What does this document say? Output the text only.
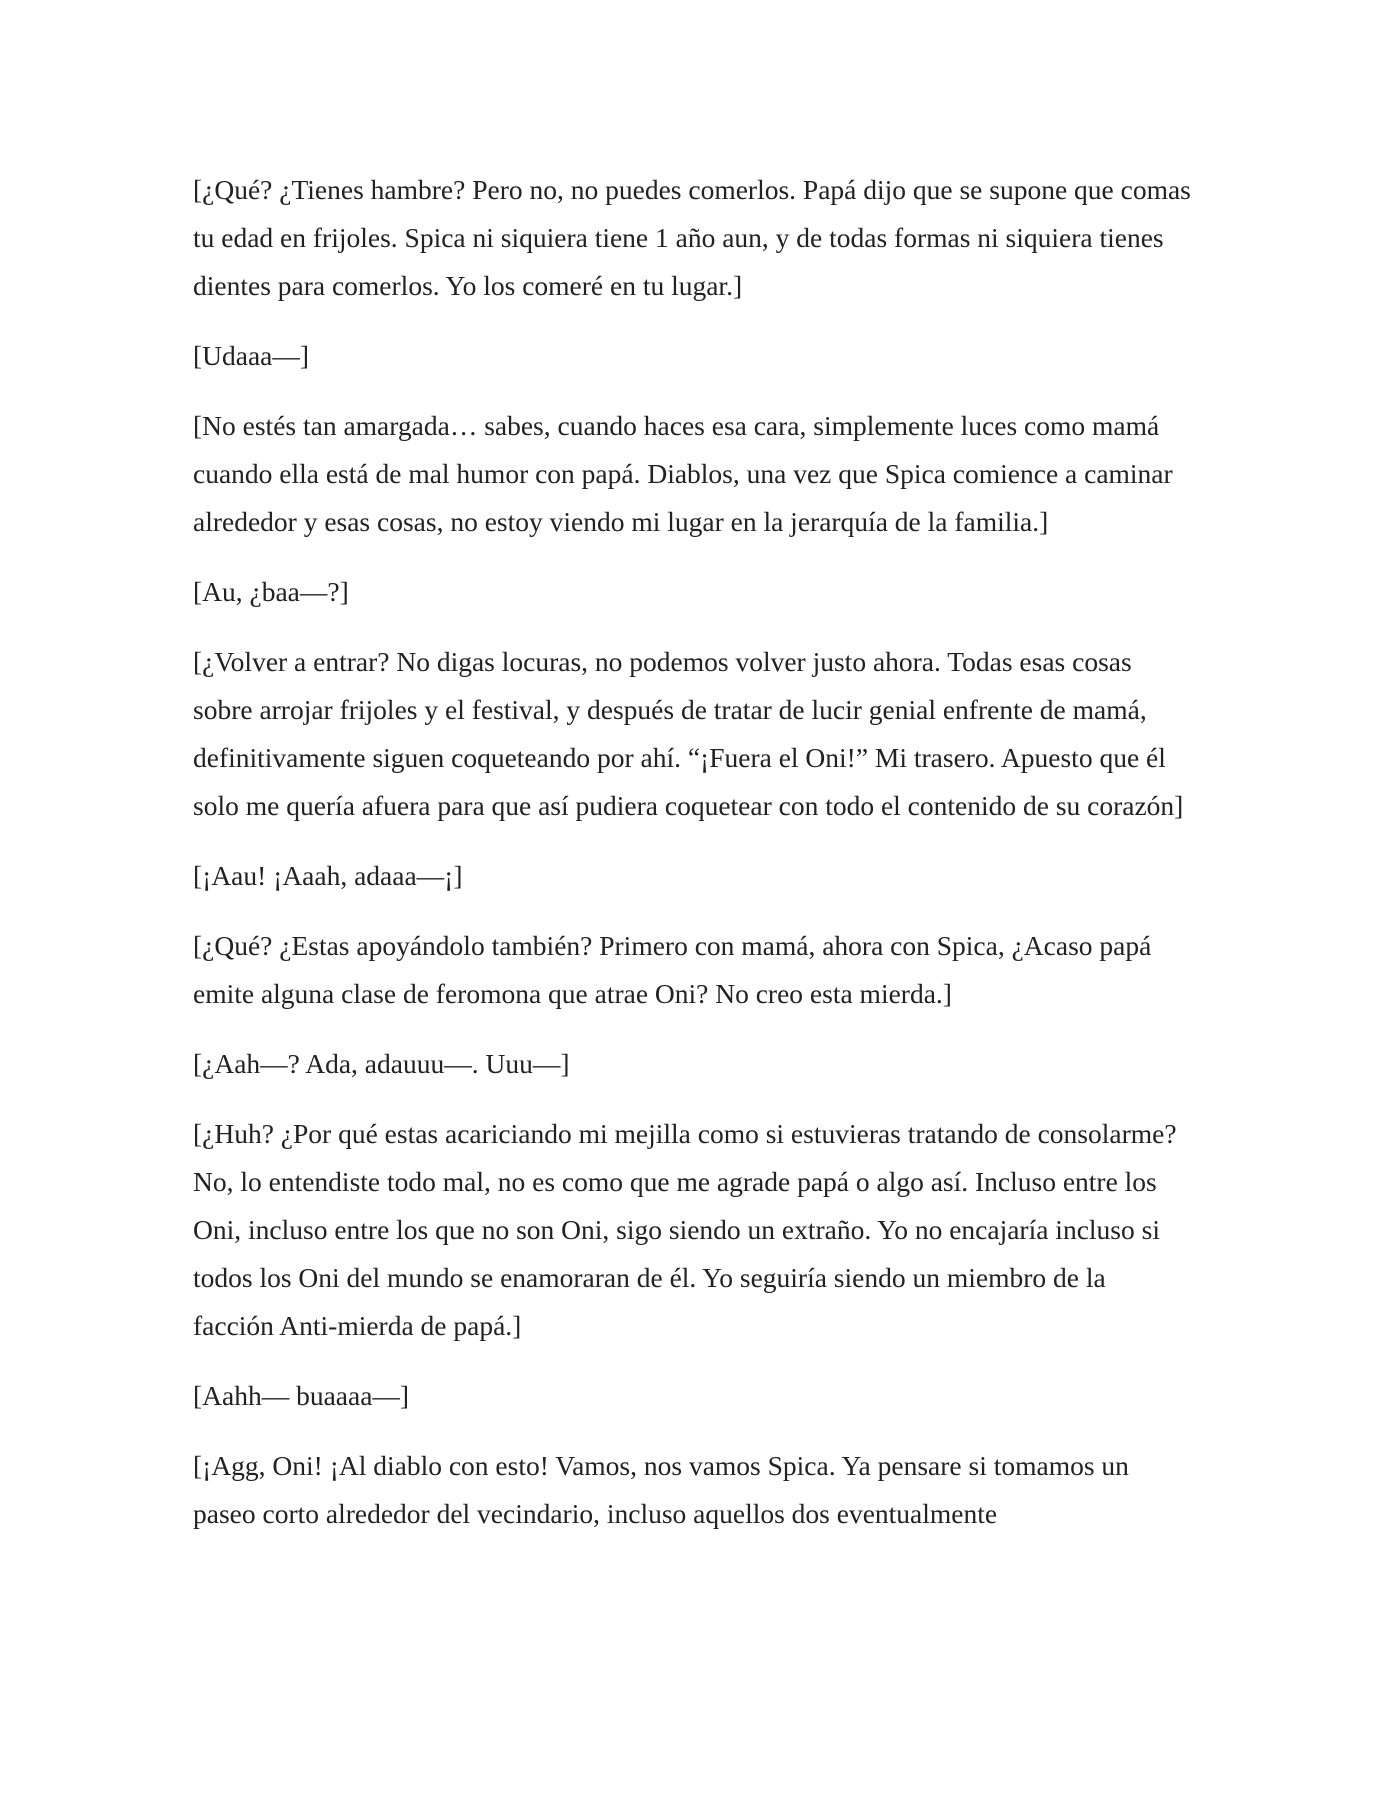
[¿Qué? ¿Tienes hambre? Pero no, no puedes comerlos. Papá dijo que se supone que comas tu edad en frijoles. Spica ni siquiera tiene 1 año aun, y de todas formas ni siquiera tienes dientes para comerlos. Yo los comeré en tu lugar.]

[Udaaa—]

[No estés tan amargada… sabes, cuando haces esa cara, simplemente luces como mamá cuando ella está de mal humor con papá. Diablos, una vez que Spica comience a caminar alrededor y esas cosas, no estoy viendo mi lugar en la jerarquía de la familia.]

[Au, ¿baa—?]

[¿Volver a entrar? No digas locuras, no podemos volver justo ahora. Todas esas cosas sobre arrojar frijoles y el festival, y después de tratar de lucir genial enfrente de mamá, definitivamente siguen coqueteando por ahí. “¡Fuera el Oni!” Mi trasero. Apuesto que él solo me quería afuera para que así pudiera coquetear con todo el contenido de su corazón]

[¡Aau! ¡Aaah, adaaa—¡]

[¿Qué? ¿Estas apoyándolo también? Primero con mamá, ahora con Spica, ¿Acaso papá emite alguna clase de feromona que atrae Oni? No creo esta mierda.]

[¿Aah—? Ada, adauuu—. Uuu—]

[¿Huh? ¿Por qué estas acariciando mi mejilla como si estuvieras tratando de consolarme? No, lo entendiste todo mal, no es como que me agrade papá o algo así. Incluso entre los Oni, incluso entre los que no son Oni, sigo siendo un extraño. Yo no encajaría incluso si todos los Oni del mundo se enamoraran de él. Yo seguiría siendo un miembro de la facción Anti-mierda de papá.]

[Aahh— buaaaa—]

[¡Agg, Oni! ¡Al diablo con esto! Vamos, nos vamos Spica. Ya pensare si tomamos un paseo corto alrededor del vecindario, incluso aquellos dos eventualmente
